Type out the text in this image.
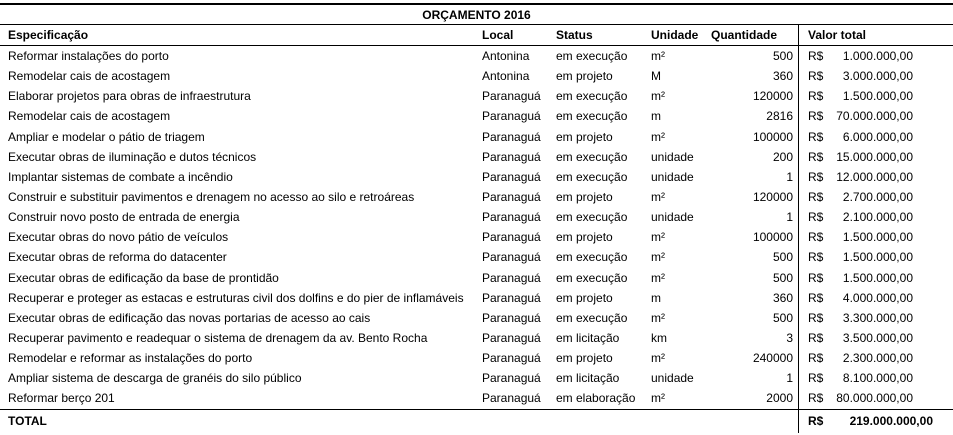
ORÇAMENTO 2016
Especificação	Local	Status	Unidade	Quantidade	Valor total
Reformar instalações do porto	Antonina	em execução	m²	500	R$ 1.000.000,00
Remodelar cais de acostagem	Antonina	em projeto	M	360	R$ 3.000.000,00
Elaborar projetos para obras de infraestrutura	Paranaguá	em execução	m²	120000	R$ 1.500.000,00
Remodelar cais de acostagem	Paranaguá	em execução	m	2816	R$ 70.000.000,00
Ampliar e modelar o pátio de triagem	Paranaguá	em projeto	m²	100000	R$ 6.000.000,00
Executar obras de iluminação e dutos técnicos	Paranaguá	em execução	unidade	200	R$ 15.000.000,00
Implantar sistemas de combate a incêndio	Paranaguá	em execução	unidade	1	R$ 12.000.000,00
Construir e substituir pavimentos e drenagem no acesso ao silo e retroáreas	Paranaguá	em projeto	m²	120000	R$ 2.700.000,00
Construir novo posto de entrada de energia	Paranaguá	em execução	unidade	1	R$ 2.100.000,00
Executar obras do novo pátio de veículos	Paranaguá	em projeto	m²	100000	R$ 1.500.000,00
Executar obras de reforma do datacenter	Paranaguá	em execução	m²	500	R$ 1.500.000,00
Executar obras de edificação da base de prontidão	Paranaguá	em execução	m²	500	R$ 1.500.000,00
Recuperar e proteger as estacas e estruturas civil dos dolfins e do pier de inflamáveis	Paranaguá	em projeto	m	360	R$ 4.000.000,00
Executar obras de edificação das novas portarias de acesso ao cais	Paranaguá	em execução	m²	500	R$ 3.300.000,00
Recuperar pavimento e readequar o sistema de drenagem da av. Bento Rocha	Paranaguá	em licitação	km	3	R$ 3.500.000,00
Remodelar e reformar as instalações do porto	Paranaguá	em projeto	m²	240000	R$ 2.300.000,00
Ampliar sistema de descarga de granéis do silo público	Paranaguá	em licitação	unidade	1	R$ 8.100.000,00
Reformar berço 201	Paranaguá	em elaboração	m²	2000	R$ 80.000.000,00
TOTAL	R$ 219.000.000,00
